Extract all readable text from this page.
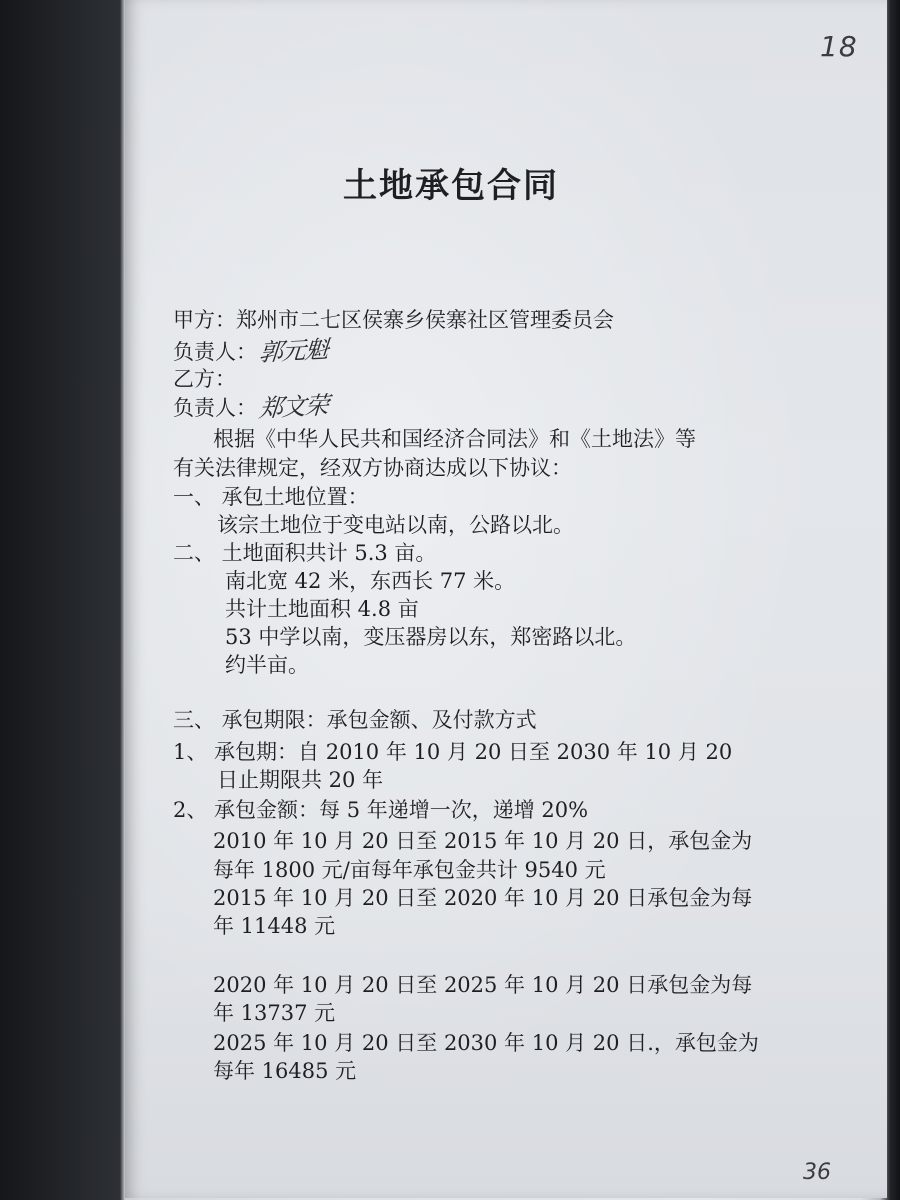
18
土地承包合同
甲方：郑州市二七区侯寨乡侯寨社区管理委员会
负责人：郭元魁
乙方：
负责人：郑文荣
根据《中华人民共和国经济合同法》和《土地法》等
有关法律规定，经双方协商达成以下协议：
一、 承包土地位置：
该宗土地位于变电站以南，公路以北。
二、 土地面积共计 5.3 亩。
南北宽 42 米，东西长 77 米。
共计土地面积 4.8 亩
53 中学以南，变压器房以东，郑密路以北。
约半亩。
三、 承包期限：承包金额、及付款方式
1、 承包期：自 2010 年 10 月 20 日至 2030 年 10 月 20
日止期限共 20 年
2、 承包金额：每 5 年递增一次，递增 20%
2010 年 10 月 20 日至 2015 年 10 月 20 日，承包金为
每年 1800 元/亩每年承包金共计 9540 元
2015 年 10 月 20 日至 2020 年 10 月 20 日承包金为每
年 11448 元
2020 年 10 月 20 日至 2025 年 10 月 20 日承包金为每
年 13737 元
2025 年 10 月 20 日至 2030 年 10 月 20 日.，承包金为
每年 16485 元
36
